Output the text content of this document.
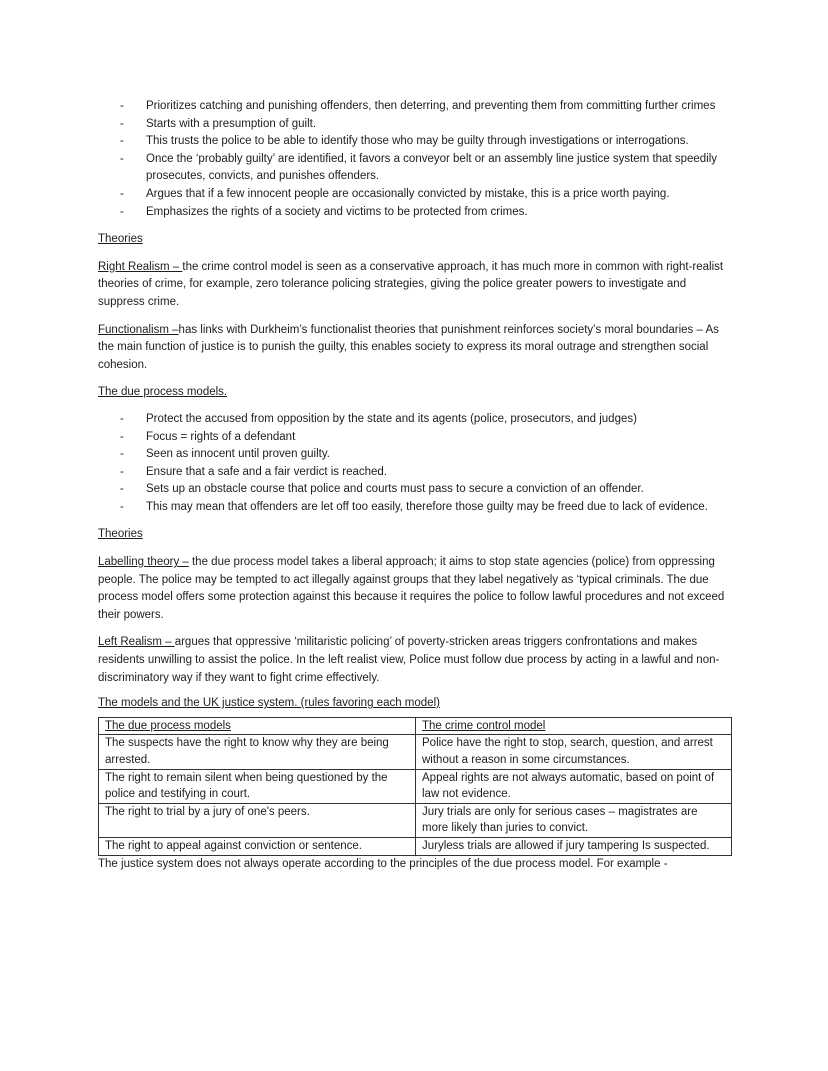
- Prioritizes catching and punishing offenders, then deterring, and preventing them from committing further crimes
- Starts with a presumption of guilt.
- This trusts the police to be able to identify those who may be guilty through investigations or interrogations.
- Once the ‘probably guilty’ are identified, it favors a conveyor belt or an assembly line justice system that speedily prosecutes, convicts, and punishes offenders.
- Argues that if a few innocent people are occasionally convicted by mistake, this is a price worth paying.
- Emphasizes the rights of a society and victims to be protected from crimes.
Theories

Right Realism – the crime control model is seen as a conservative approach, it has much more in common with right-realist theories of crime, for example, zero tolerance policing strategies, giving the police greater powers to investigate and suppress crime.

Functionalism –has links with Durkheim’s functionalist theories that punishment reinforces society’s moral boundaries – As the main function of justice is to punish the guilty, this enables society to express its moral outrage and strengthen social cohesion.

The due process models.
- Protect the accused from opposition by the state and its agents (police, prosecutors, and judges)
- Focus = rights of a defendant
- Seen as innocent until proven guilty.
- Ensure that a safe and a fair verdict is reached.
- Sets up an obstacle course that police and courts must pass to secure a conviction of an offender.
- This may mean that offenders are let off too easily, therefore those guilty may be freed due to lack of evidence.
Theories

Labelling theory – the due process model takes a liberal approach; it aims to stop state agencies (police) from oppressing people. The police may be tempted to act illegally against groups that they label negatively as ‘typical criminals. The due process model offers some protection against this because it requires the police to follow lawful procedures and not exceed their powers.

Left Realism – argues that oppressive ‘militaristic policing’ of poverty-stricken areas triggers confrontations and makes residents unwilling to assist the police. In the left realist view, Police must follow due process by acting in a lawful and non-discriminatory way if they want to fight crime effectively.

The models and the UK justice system. (rules favoring each model)
The due process models	The crime control model
The suspects have the right to know why they are being arrested.	Police have the right to stop, search, question, and arrest without a reason in some circumstances.
The right to remain silent when being questioned by the police and testifying in court.	Appeal rights are not always automatic, based on point of law not evidence.
The right to trial by a jury of one's peers.	Jury trials are only for serious cases – magistrates are more likely than juries to convict.
The right to appeal against conviction or sentence.	Juryless trials are allowed if jury tampering Is suspected.
The justice system does not always operate according to the principles of the due process model. For example -
